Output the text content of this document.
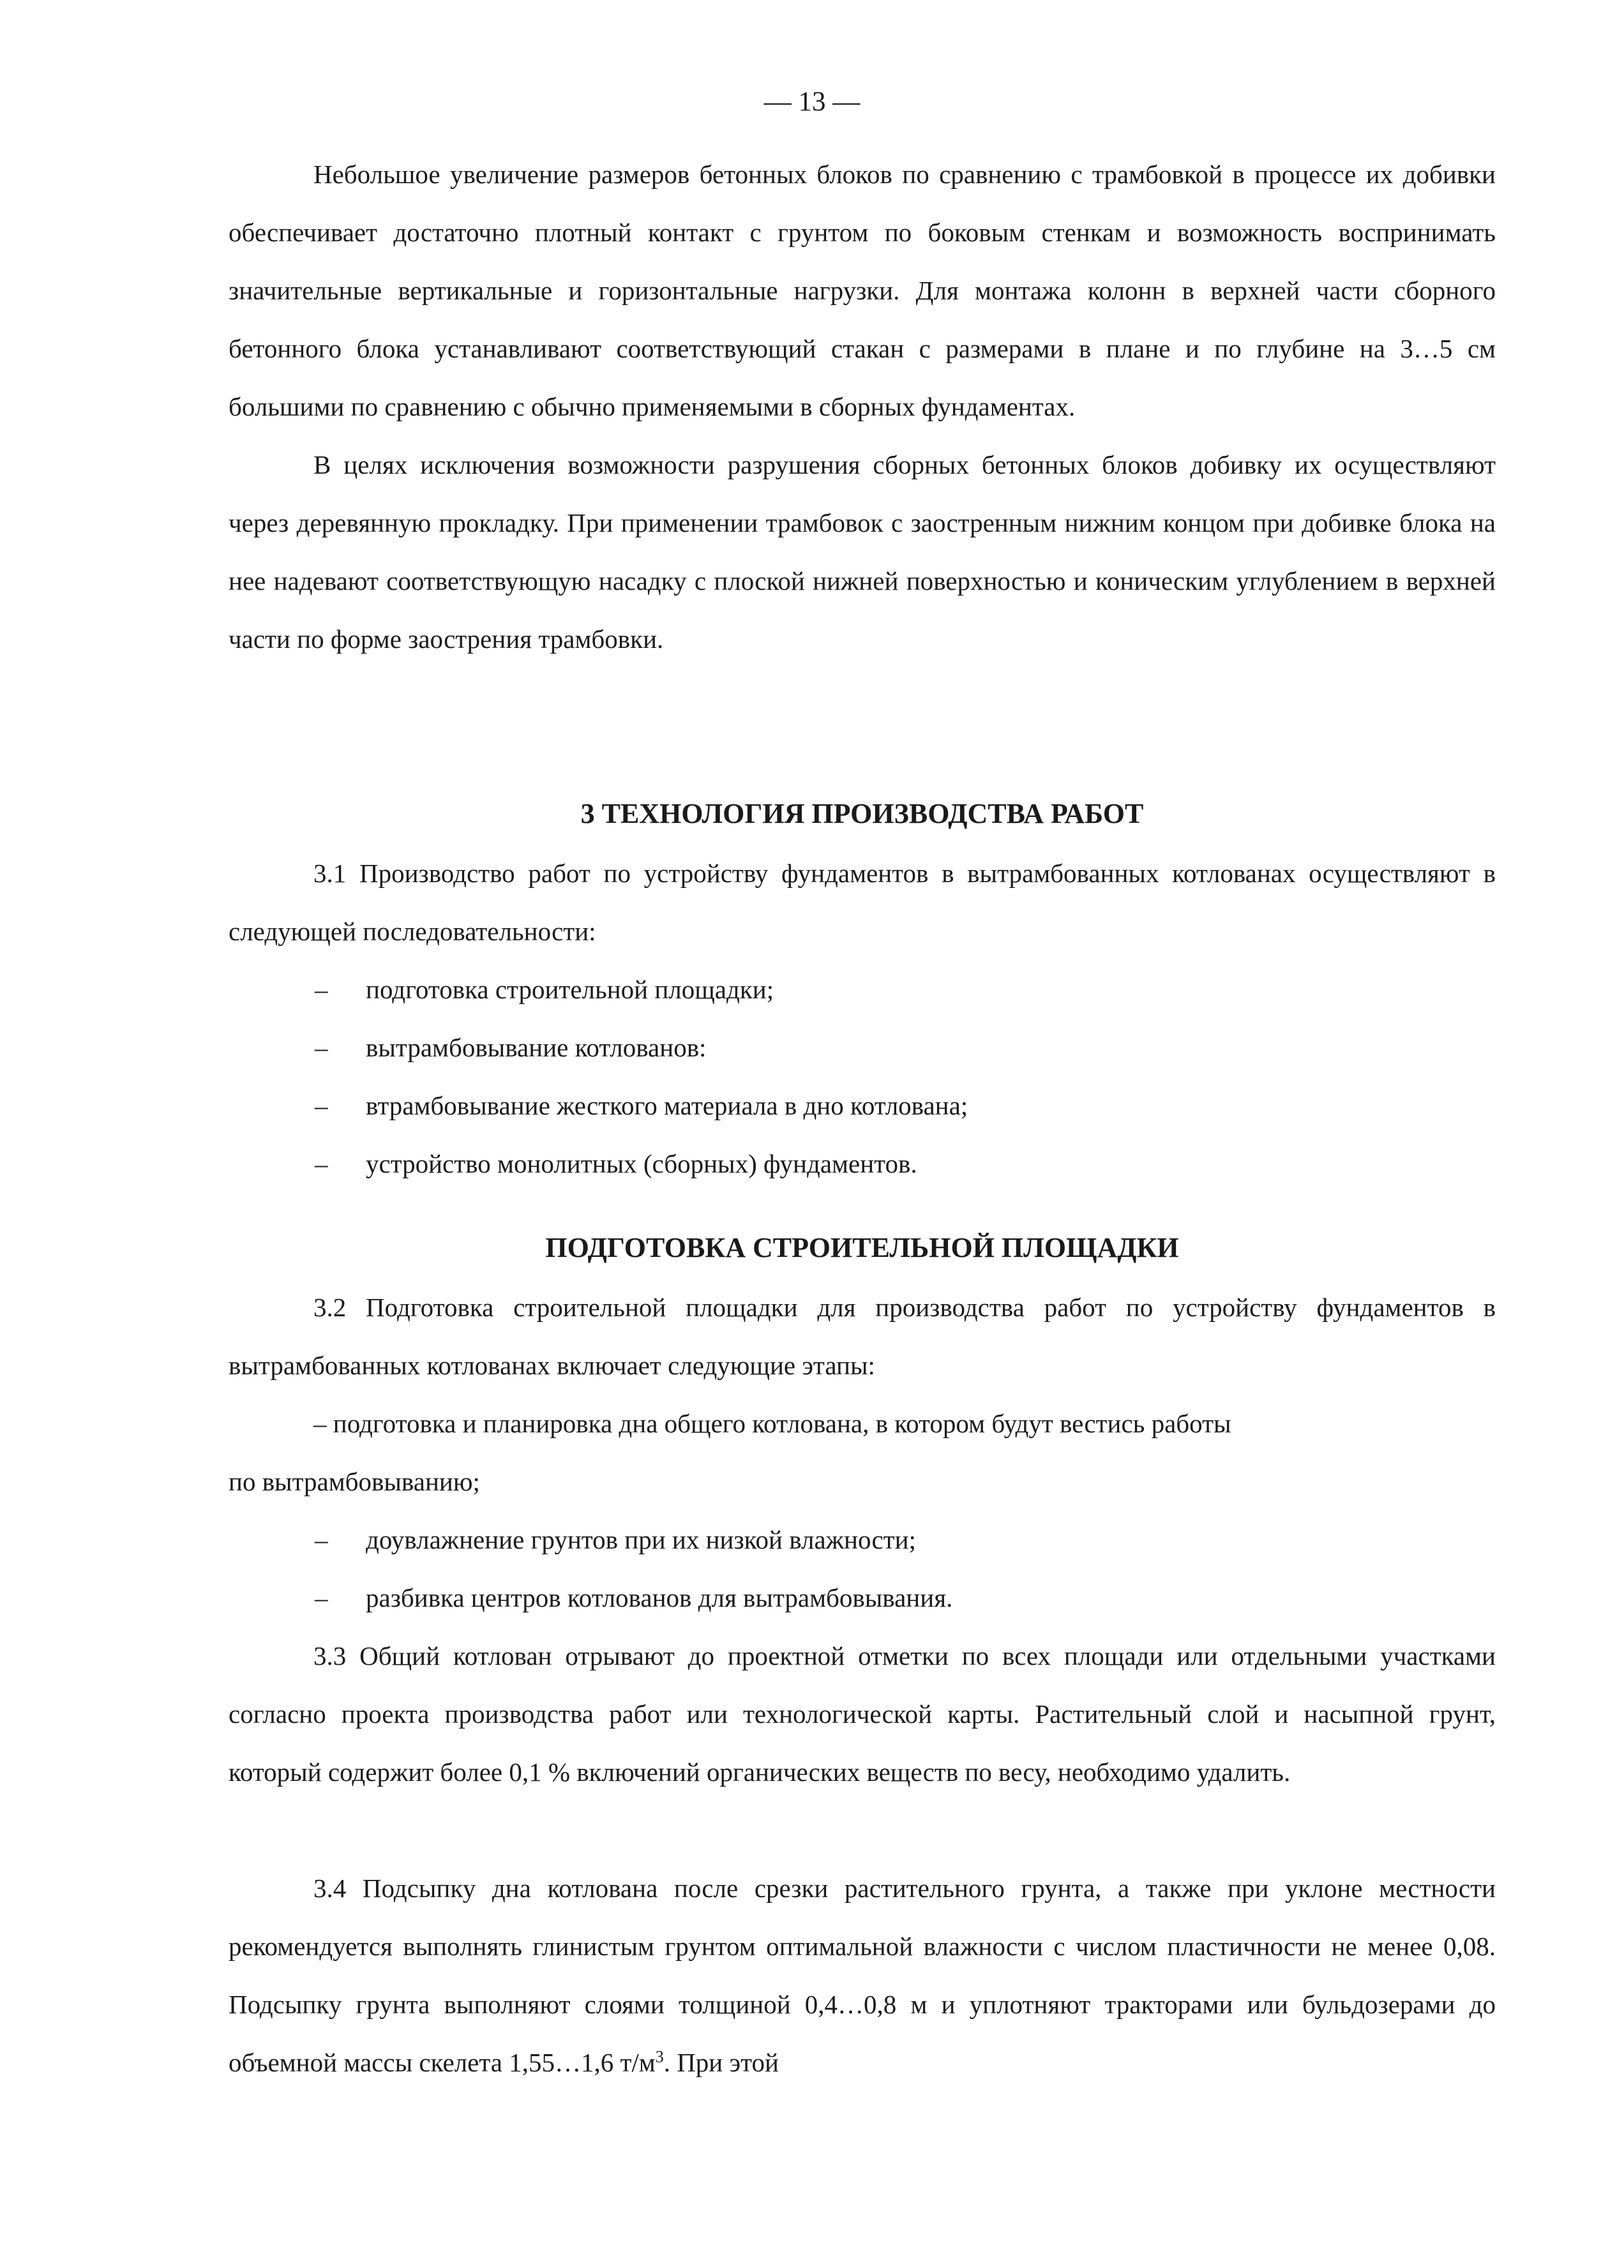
— 13 —

Небольшое увеличение размеров бетонных блоков по сравнению с трамбовкой в процессе их добивки обеспечивает достаточно плотный контакт с грунтом по боковым стенкам и возможность воспринимать значительные вертикальные и горизонтальные нагрузки. Для монтажа колонн в верхней части сборного бетонного блока устанавливают соответствующий стакан с размерами в плане и по глубине на 3…5 см большими по сравнению с обычно применяемыми в сборных фундаментах.

В целях исключения возможности разрушения сборных бетонных блоков добивку их осуществляют через деревянную прокладку. При применении трамбовок с заостренным нижним концом при добивке блока на нее надевают соответствующую насадку с плоской нижней поверхностью и коническим углублением в верхней части по форме заострения трамбовки.

3 ТЕХНОЛОГИЯ ПРОИЗВОДСТВА РАБОТ

3.1 Производство работ по устройству фундаментов в вытрамбованных котлованах осуществляют в следующей последовательности:

– подготовка строительной площадки;
– вытрамбовывание котлованов:
– втрамбовывание жесткого материала в дно котлована;
– устройство монолитных (сборных) фундаментов.
ПОДГОТОВКА СТРОИТЕЛЬНОЙ ПЛОЩАДКИ

3.2 Подготовка строительной площадки для производства работ по устройству фундаментов в вытрамбованных котлованах включает следующие этапы:

– подготовка и планировка дна общего котлована, в котором будут вестись работы

по вытрамбовыванию;

– доувлажнение грунтов при их низкой влажности;
– разбивка центров котлованов для вытрамбовывания.

3.3 Общий котлован отрывают до проектной отметки по всех площади или отдельными участками согласно проекта производства работ или технологической карты. Растительный слой и насыпной грунт, который содержит более 0,1 % включений органических веществ по весу, необходимо удалить.

3.4 Подсыпку дна котлована после срезки растительного грунта, а также при уклоне местности рекомендуется выполнять глинистым грунтом оптимальной влажности с числом пластичности не менее 0,08. Подсыпку грунта выполняют слоями толщиной 0,4…0,8 м и уплотняют тракторами или бульдозерами до объемной массы скелета 1,55…1,6 $т/м^3$. При этой
